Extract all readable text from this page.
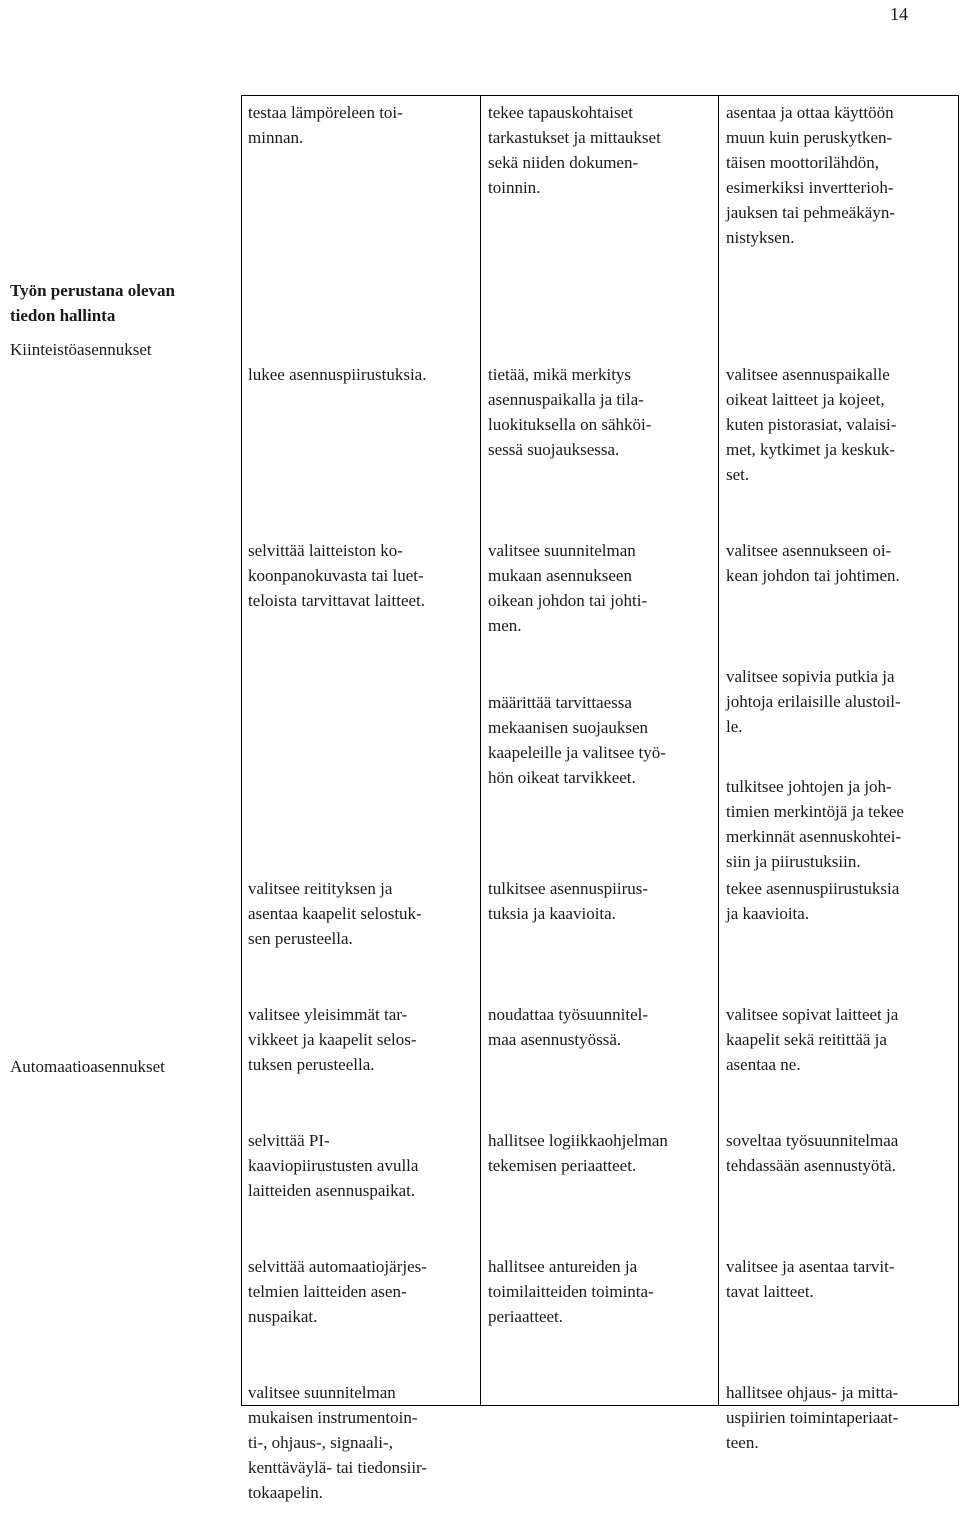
14

testaa lämpöreleen toi-
minnan.

tekee tapauskohtaiset
tarkastukset ja mittaukset
sekä niiden dokumen-
toinnin.

asentaa ja ottaa käyttöön
muun kuin peruskytken-
täisen moottorilähdön,
esimerkiksi invertterioh-
jauksen tai pehmeäkäyn-
nistyksen.

Työn perustana olevan
tiedon hallinta
Kiinteistöasennukset

lukee asennuspiirustuksia.

selvittää laitteiston ko-
koonpanokuvasta tai luet-
teloista tarvittavat laitteet.

tietää, mikä merkitys
asennuspaikalla ja tila-
luokituksella on sähköi-
sessä suojauksessa.

valitsee suunnitelman
mukaan asennukseen
oikean johdon tai johti-
men.

määrittää tarvittaessa
mekaanisen suojauksen
kaapeleille ja valitsee työ-
hön oikeat tarvikkeet.

valitsee asennuspaikalle
oikeat laitteet ja kojeet,
kuten pistorasiat, valaisi-
met, kytkimet ja keskuk-
set.

valitsee asennukseen oi-
kean johdon tai johtimen.

valitsee sopivia putkia ja
johtoja erilaisille alustoil-
le.

tulkitsee johtojen ja joh-
timien merkintöjä ja tekee
merkinnät asennuskohtei-
siin ja piirustuksiin.

Automaatioasennukset

valitsee reitityksen ja
asentaa kaapelit selostuk-
sen perusteella.

valitsee yleisimmät tar-
vikkeet ja kaapelit selos-
tuksen perusteella.

selvittää PI-
kaaviopiirustusten avulla
laitteiden asennuspaikat.

selvittää automaatiojärjes-
telmien laitteiden asen-
nuspaikat.

valitsee suunnitelman
mukaisen instrumentoin-
ti-, ohjaus-, signaali-,
kenttäväylä- tai tiedonsiir-
tokaapelin.

tulkitsee asennuspiirus-
tuksia ja kaavioita.

noudattaa työsuunnitel-
maa asennustyössä.

hallitsee logiikkaohjelman
tekemisen periaatteet.

hallitsee antureiden ja
toimilaitteiden toiminta-
periaatteet.

tekee asennuspiirustuksia
ja kaavioita.

valitsee sopivat laitteet ja
kaapelit sekä reitittää ja
asentaa ne.

soveltaa työsuunnitelmaa
tehdassään asennustyötä.

valitsee ja asentaa tarvit-
tavat laitteet.

hallitsee ohjaus- ja mitta-
uspiirien toimintaperiaat-
teen.
